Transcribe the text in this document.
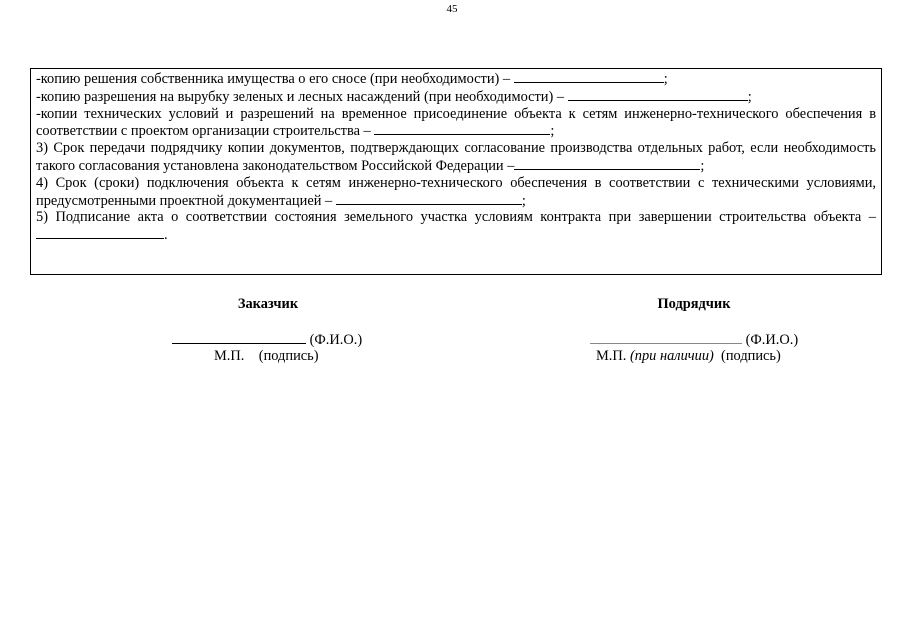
45

-копию решения собственника имущества о его сносе (при необходимости) –	;

-копию разрешения на вырубку зеленых и лесных насаждений (при необходимости) –	;

-копии технических условий и разрешений на временное присоединение объекта к сетям инженерно-технического обеспечения в соответствии с проектом организации строительства –	;

3) Срок передачи подрядчику копии документов, подтверждающих согласование производства отдельных работ, если необходимость такого согласования установлена законодательством Российской Федерации –	;

4) Срок (сроки) подключения объекта к сетям инженерно-технического обеспечения в соответствии с техническими условиями, предусмотренными проектной документацией –	;

5) Подписание акта о соответствии состояния земельного участка условиям контракта при завершении строительства объекта – .

Заказчик
(Ф.И.О.)
М.П. (подпись)
Подрядчик
(Ф.И.О.)
М.П. (при наличии) (подпись)
